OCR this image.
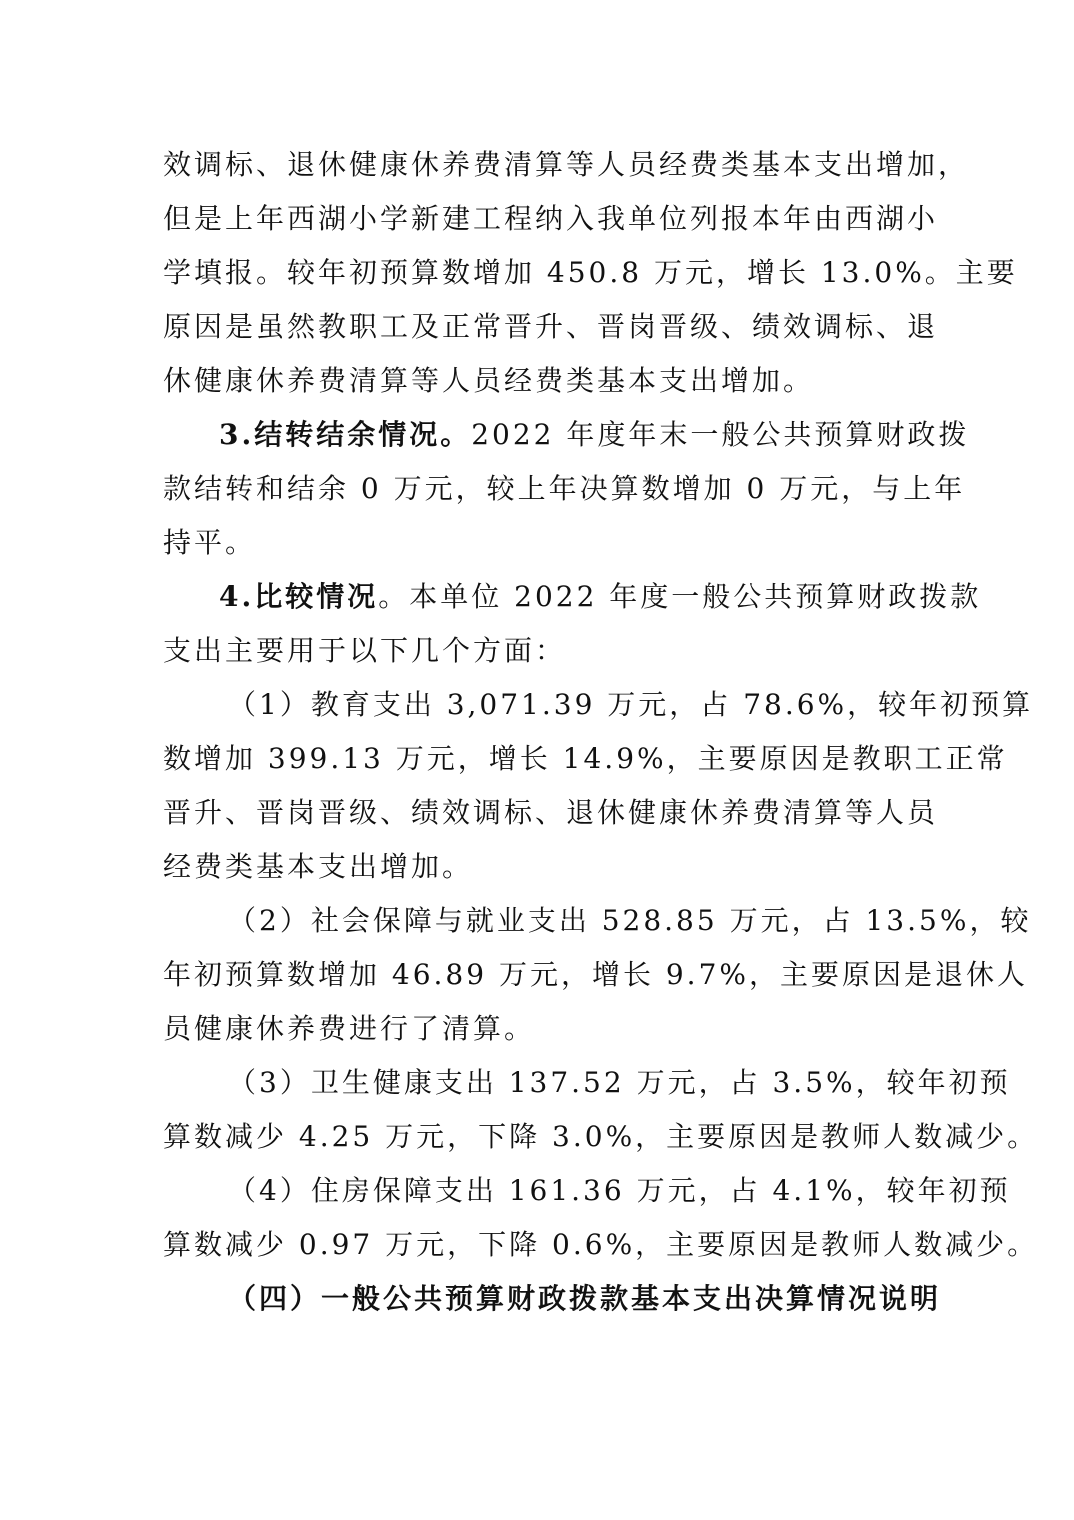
效调标、退休健康休养费清算等人员经费类基本支出增加，
但是上年西湖小学新建工程纳入我单位列报本年由西湖小
学填报。较年初预算数增加 450.8 万元，增长 13.0%。主要
原因是虽然教职工及正常晋升、晋岗晋级、绩效调标、退
休健康休养费清算等人员经费类基本支出增加。
3.结转结余情况。2022 年度年末一般公共预算财政拨
款结转和结余 0 万元，较上年决算数增加 0 万元，与上年
持平。
4.比较情况。本单位 2022 年度一般公共预算财政拨款
支出主要用于以下几个方面：
（1）教育支出 3,071.39 万元，占 78.6%，较年初预算
数增加 399.13 万元，增长 14.9%，主要原因是教职工正常
晋升、晋岗晋级、绩效调标、退休健康休养费清算等人员
经费类基本支出增加。
（2）社会保障与就业支出 528.85 万元，占 13.5%，较
年初预算数增加 46.89 万元，增长 9.7%，主要原因是退休人
员健康休养费进行了清算。
（3）卫生健康支出 137.52 万元，占 3.5%，较年初预
算数减少 4.25 万元，下降 3.0%，主要原因是教师人数减少。
（4）住房保障支出 161.36 万元，占 4.1%，较年初预
算数减少 0.97 万元，下降 0.6%，主要原因是教师人数减少。
（四）一般公共预算财政拨款基本支出决算情况说明
